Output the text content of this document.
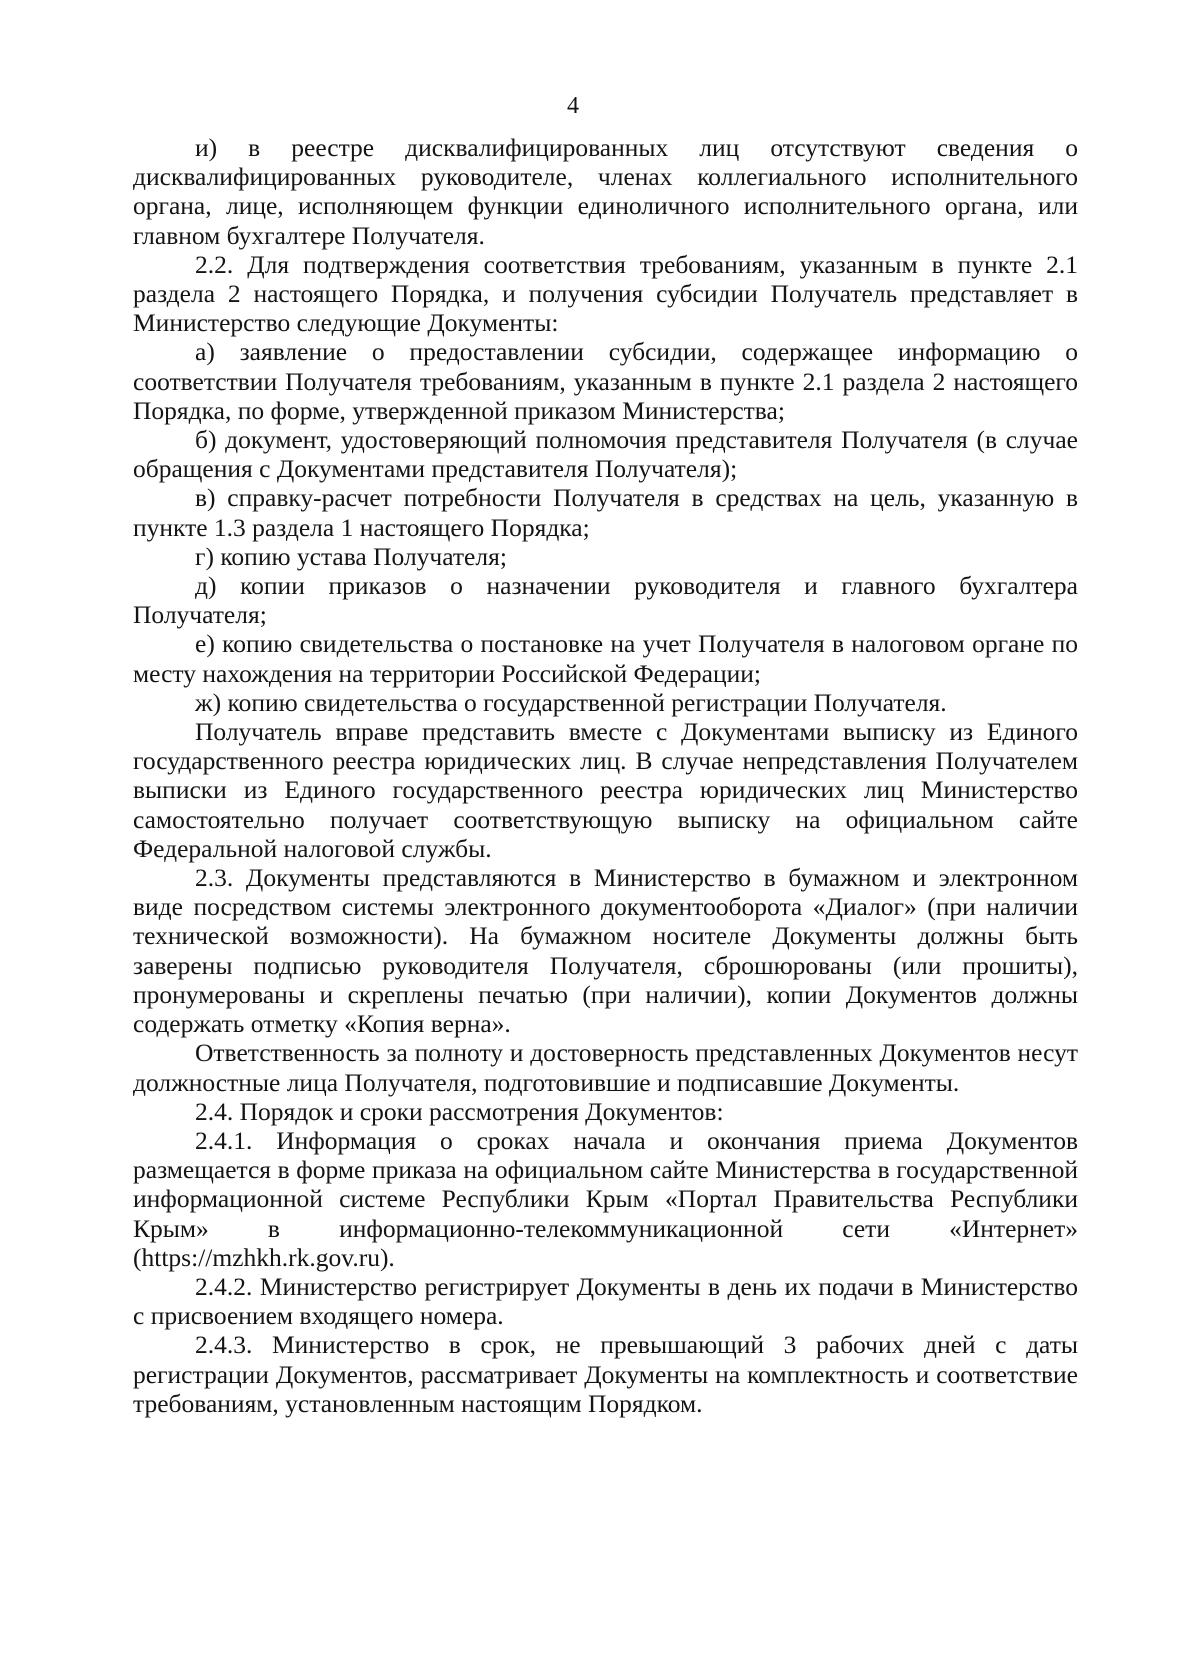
4

и) в реестре дисквалифицированных лиц отсутствуют сведения о дисквалифицированных руководителе, членах коллегиального исполнительного органа, лице, исполняющем функции единоличного исполнительного органа, или главном бухгалтере Получателя.

2.2. Для подтверждения соответствия требованиям, указанным в пункте 2.1 раздела 2 настоящего Порядка, и получения субсидии Получатель представляет в Министерство следующие Документы:

а) заявление о предоставлении субсидии, содержащее информацию о соответствии Получателя требованиям, указанным в пункте 2.1 раздела 2 настоящего Порядка, по форме, утвержденной приказом Министерства;

б) документ, удостоверяющий полномочия представителя Получателя (в случае обращения с Документами представителя Получателя);

в) справку-расчет потребности Получателя в средствах на цель, указанную в пункте 1.3 раздела 1 настоящего Порядка;

г) копию устава Получателя;

д) копии приказов о назначении руководителя и главного бухгалтера Получателя;

е) копию свидетельства о постановке на учет Получателя в налоговом органе по месту нахождения на территории Российской Федерации;

ж) копию свидетельства о государственной регистрации Получателя.

Получатель вправе представить вместе с Документами выписку из Единого государственного реестра юридических лиц. В случае непредставления Получателем выписки из Единого государственного реестра юридических лиц Министерство самостоятельно получает соответствующую выписку на официальном сайте Федеральной налоговой службы.

2.3. Документы представляются в Министерство в бумажном и электронном виде посредством системы электронного документооборота «Диалог» (при наличии технической возможности). На бумажном носителе Документы должны быть заверены подписью руководителя Получателя, сброшюрованы (или прошиты), пронумерованы и скреплены печатью (при наличии), копии Документов должны содержать отметку «Копия верна».

Ответственность за полноту и достоверность представленных Документов несут должностные лица Получателя, подготовившие и подписавшие Документы.

2.4. Порядок и сроки рассмотрения Документов:

2.4.1. Информация о сроках начала и окончания приема Документов размещается в форме приказа на официальном сайте Министерства в государственной информационной системе Республики Крым «Портал Правительства Республики Крым» в информационно-телекоммуникационной сети «Интернет» (https://mzhkh.rk.gov.ru).

2.4.2. Министерство регистрирует Документы в день их подачи в Министерство с присвоением входящего номера.

2.4.3. Министерство в срок, не превышающий 3 рабочих дней с даты регистрации Документов, рассматривает Документы на комплектность и соответствие требованиям, установленным настоящим Порядком.
